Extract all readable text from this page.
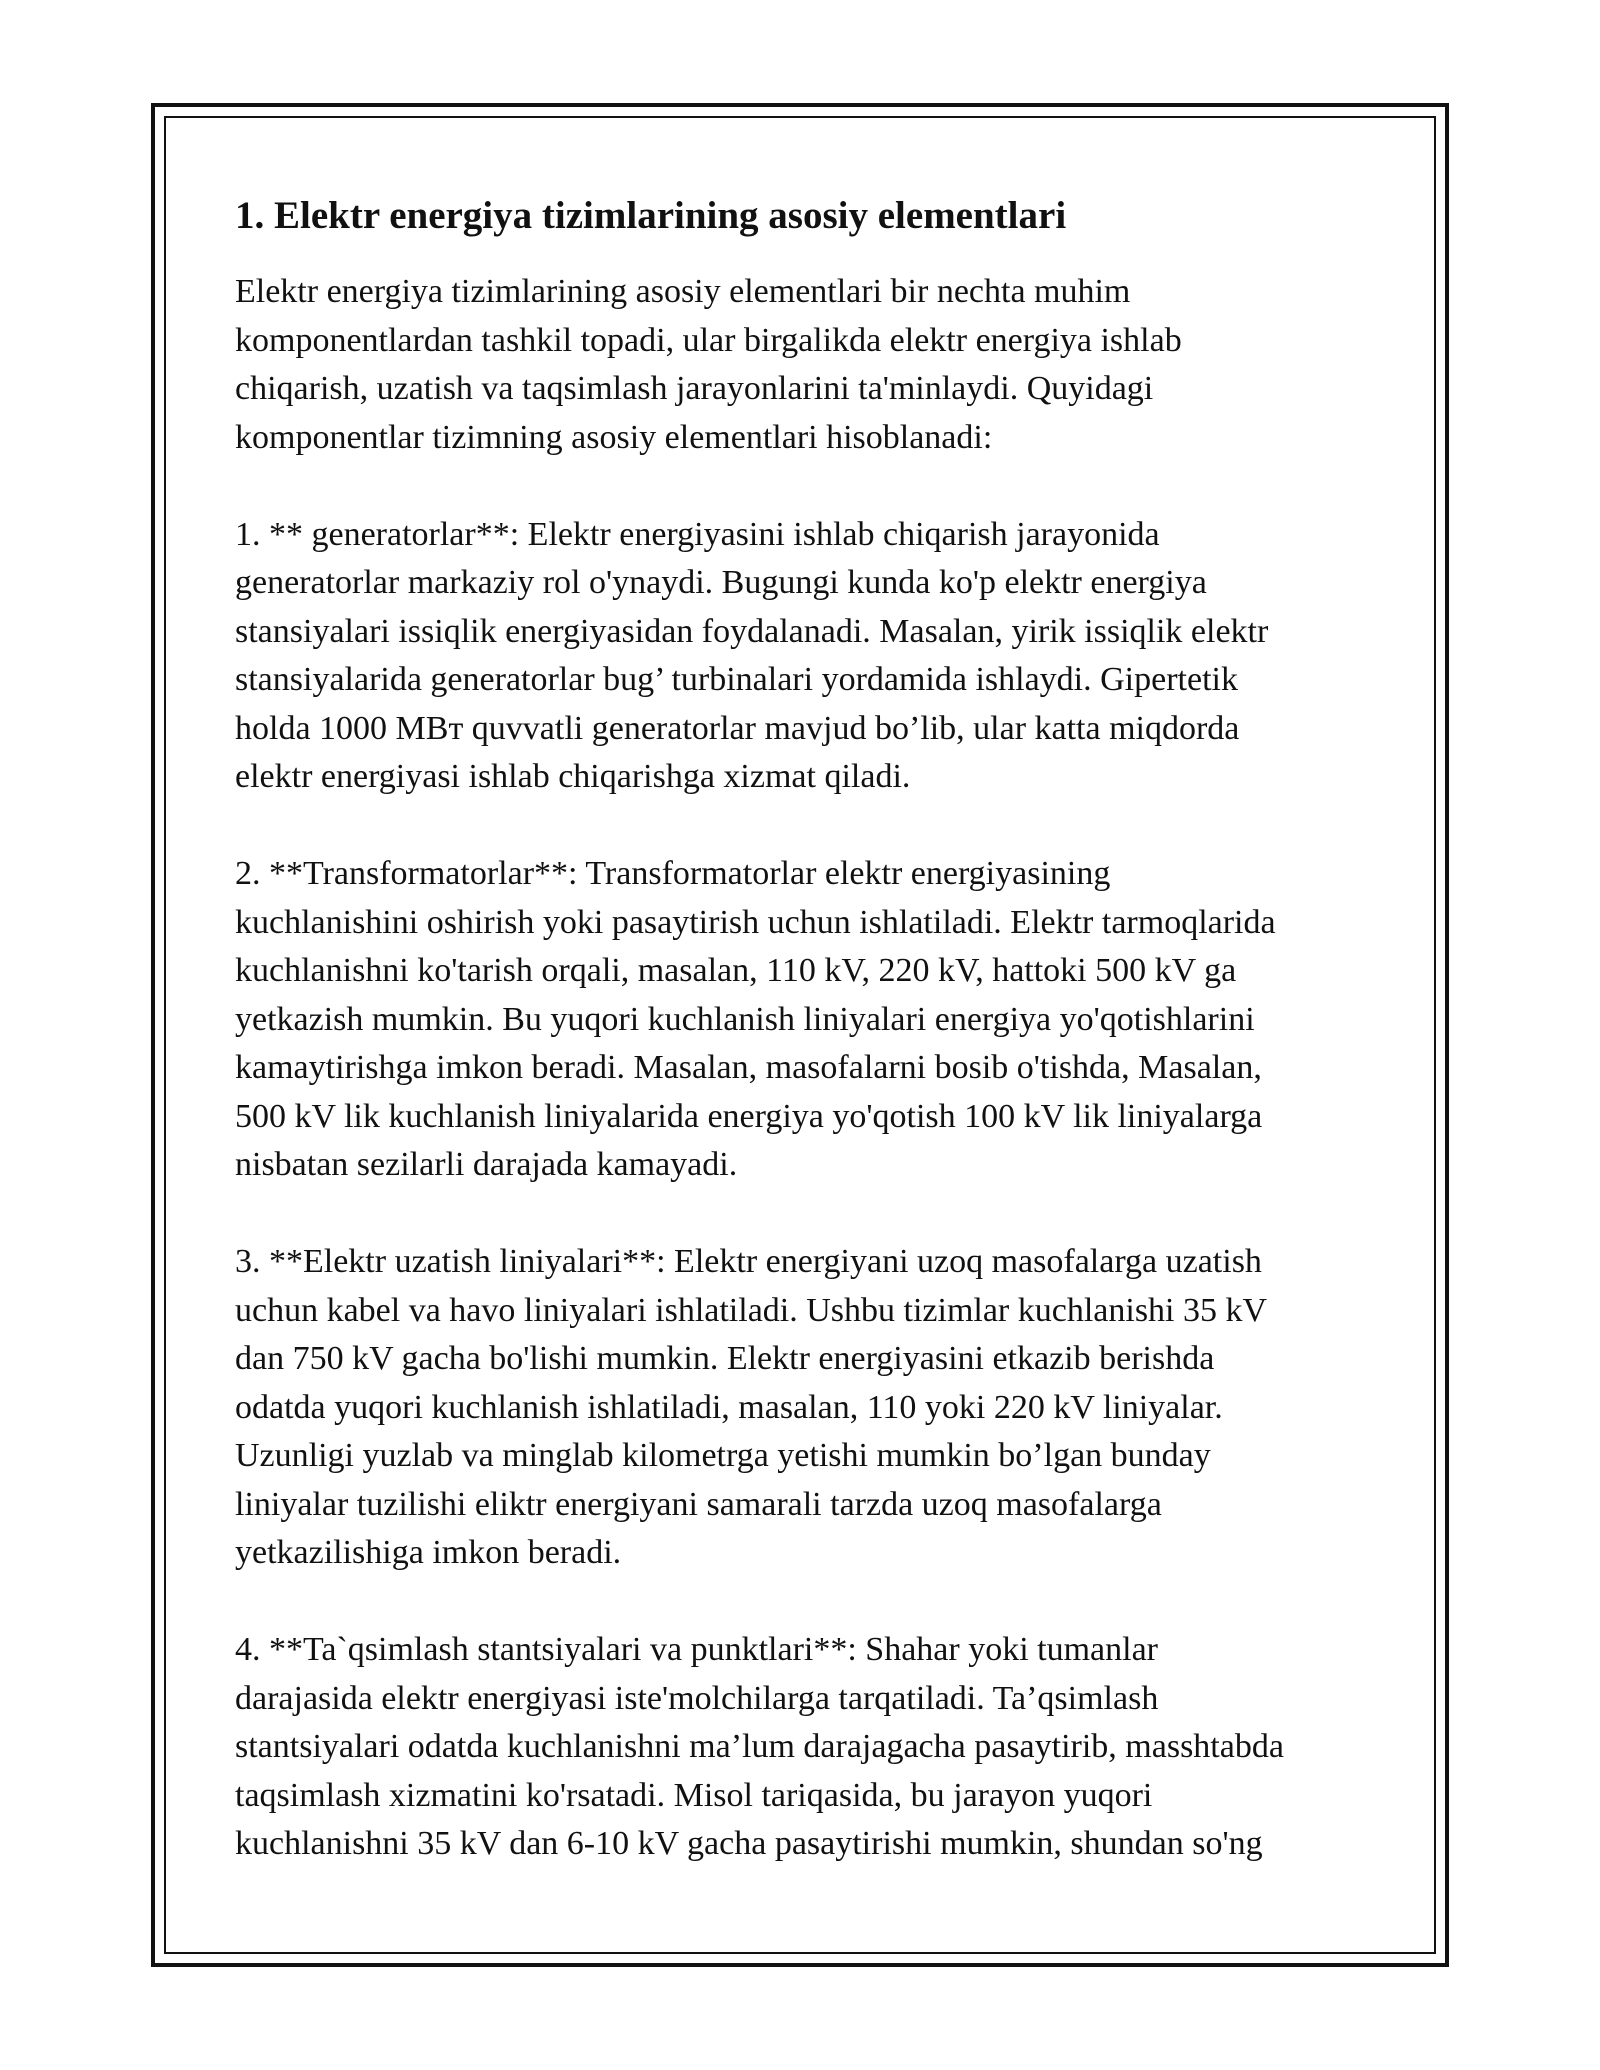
1. Elektr energiya tizimlarining asosiy elementlari

Elektr energiya tizimlarining asosiy elementlari bir nechta muhim
komponentlardan tashkil topadi, ular birgalikda elektr energiya ishlab
chiqarish, uzatish va taqsimlash jarayonlarini ta'minlaydi. Quyidagi
komponentlar tizimning asosiy elementlari hisoblanadi:

1. ** generatorlar**: Elektr energiyasini ishlab chiqarish jarayonida
generatorlar markaziy rol o'ynaydi. Bugungi kunda ko'p elektr energiya
stansiyalari issiqlik energiyasidan foydalanadi. Masalan, yirik issiqlik elektr
stansiyalarida generatorlar bug’ turbinalari yordamida ishlaydi. Gipertetik
holda 1000 МВт quvvatli generatorlar mavjud bo’lib, ular katta miqdorda
elektr energiyasi ishlab chiqarishga xizmat qiladi.

2. **Transformatorlar**: Transformatorlar elektr energiyasining
kuchlanishini oshirish yoki pasaytirish uchun ishlatiladi. Elektr tarmoqlarida
kuchlanishni ko'tarish orqali, masalan, 110 kV, 220 kV, hattoki 500 kV ga
yetkazish mumkin. Bu yuqori kuchlanish liniyalari energiya yo'qotishlarini
kamaytirishga imkon beradi. Masalan, masofalarni bosib o'tishda, Masalan,
500 kV lik kuchlanish liniyalarida energiya yo'qotish 100 kV lik liniyalarga
nisbatan sezilarli darajada kamayadi.

3. **Elektr uzatish liniyalari**: Elektr energiyani uzoq masofalarga uzatish
uchun kabel va havo liniyalari ishlatiladi. Ushbu tizimlar kuchlanishi 35 kV
dan 750 kV gacha bo'lishi mumkin. Elektr energiyasini etkazib berishda
odatda yuqori kuchlanish ishlatiladi, masalan, 110 yoki 220 kV liniyalar.
Uzunligi yuzlab va minglab kilometrga yetishi mumkin bo’lgan bunday
liniyalar tuzilishi eliktr energiyani samarali tarzda uzoq masofalarga
yetkazilishiga imkon beradi.

4. **Ta`qsimlash stantsiyalari va punktlari**: Shahar yoki tumanlar
darajasida elektr energiyasi iste'molchilarga tarqatiladi. Ta’qsimlash
stantsiyalari odatda kuchlanishni ma’lum darajagacha pasaytirib, masshtabda
taqsimlash xizmatini ko'rsatadi. Misol tariqasida, bu jarayon yuqori
kuchlanishni 35 kV dan 6-10 kV gacha pasaytirishi mumkin, shundan so'ng
